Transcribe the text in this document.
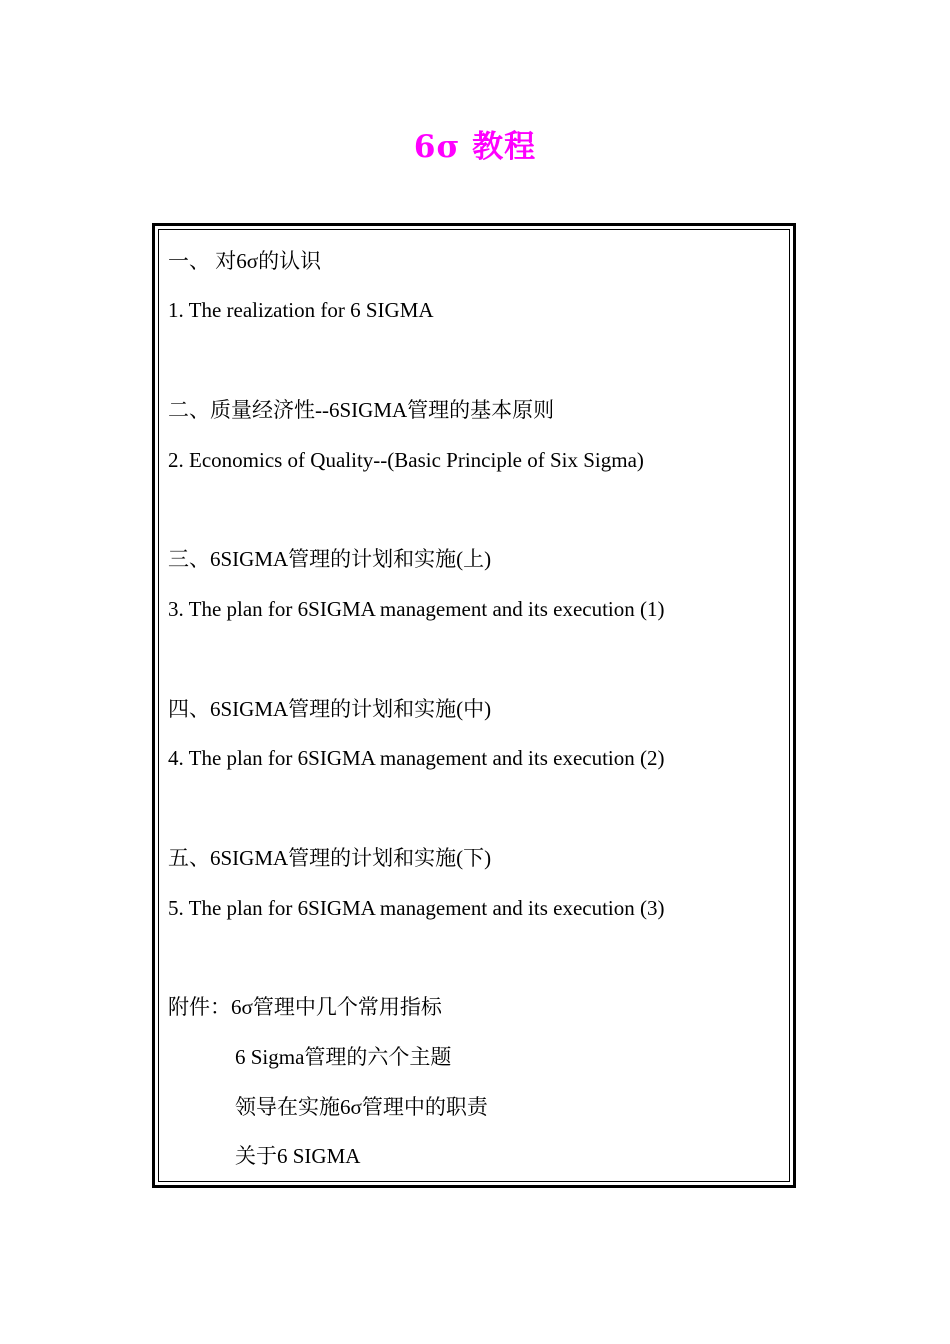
6σ 教程
一、 对6σ的认识
1. The realization for 6 SIGMA
二、质量经济性--6SIGMA管理的基本原则
2. Economics of Quality--(Basic Principle of Six Sigma)
三、6SIGMA管理的计划和实施(上)
3. The plan for 6SIGMA management and its execution (1)
四、6SIGMA管理的计划和实施(中)
4. The plan for 6SIGMA management and its execution (2)
五、6SIGMA管理的计划和实施(下)
5. The plan for 6SIGMA management and its execution (3)
附件：6σ管理中几个常用指标
6 Sigma管理的六个主题
领导在实施6σ管理中的职责
关于6 SIGMA
